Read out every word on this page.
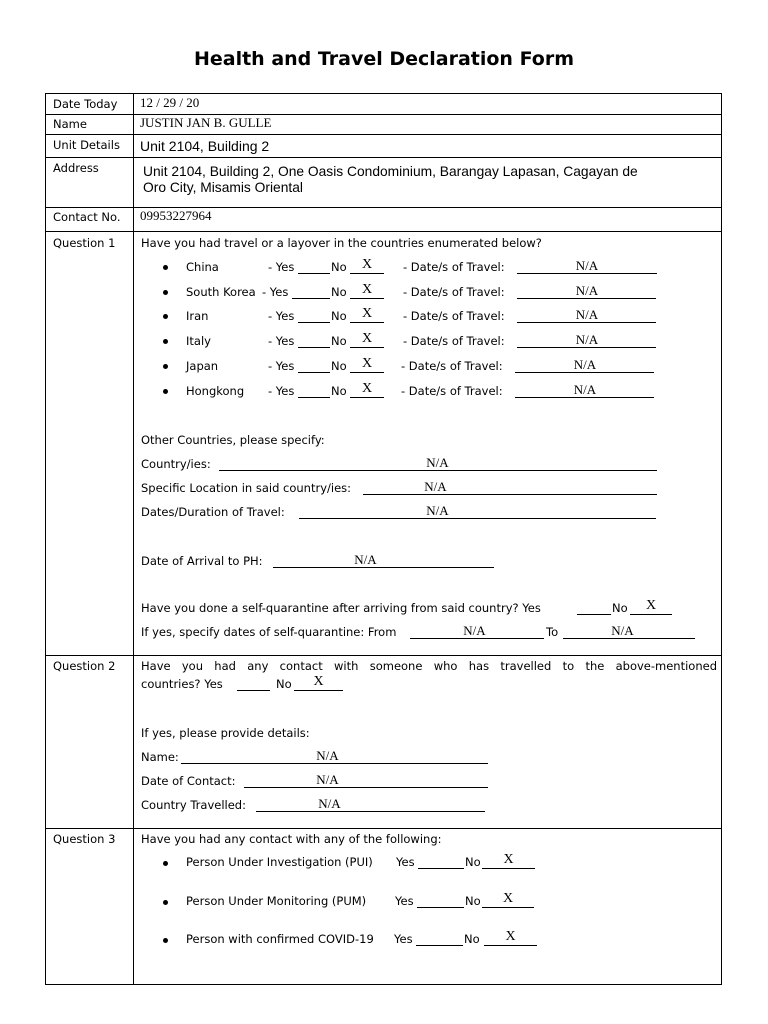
Health and Travel Declaration Form
Date Today 12 / 29 / 20
Name	JUSTIN JAN B. GULLE
Unit Details Unit 2104, Building 2
Address	Unit 2104, Building 2, One Oasis Condominium, Barangay Lapasan, Cagayan de
Oro City, Misamis Oriental
Contact No. 09953227964
Question 1 Have you had travel or a layover in the countries enumerated below?
China	- Yes	No	X	- Date/s of Travel:	N/A
South Korea - Yes	No	X	- Date/s of Travel:	N/A
Iran	- Yes	No	X	- Date/s of Travel:	N/A
Italy	- Yes	No	X	- Date/s of Travel:	N/A
Japan	- Yes	No	X	- Date/s of Travel:	N/A
Hongkong - Yes	No	X	- Date/s of Travel:	N/A
Other Countries, please specify:
Country/ies:	N/A
Specific Location in said country/ies:	N/A
Dates/Duration of Travel:	N/A
Date of Arrival to PH:	N/A
Have you done a self-quarantine after arriving from said country? Yes	No	X
If yes, specify dates of self-quarantine: From	N/A	To	N/A
Question 2 Have you had any contact with someone who has travelled to the above-mentioned
countries? Yes	No	X
If yes, please provide details:
Name:	N/A
Date of Contact:	N/A
Country Travelled:	N/A
Question 3 Have you had any contact with any of the following:
Person Under Investigation (PUI) Yes	No	X
Person Under Monitoring (PUM)	Yes	No	X
Person with confirmed COVID-19 Yes	No	X
